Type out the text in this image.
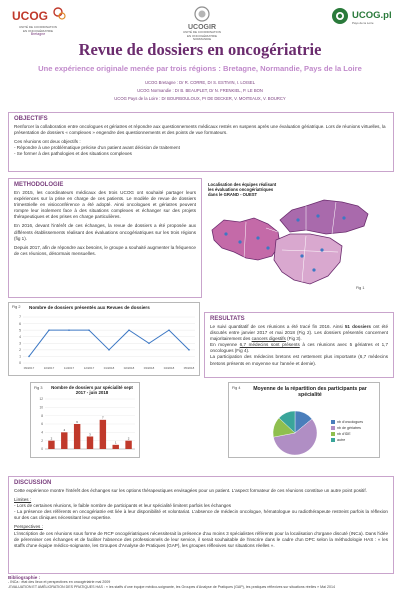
UCOG
UNITÉ DE COORDINATION
EN ONCOGÉRIATRIE
Bretagne
UCOGIR
UNITÉ DE COORDINATION
EN ONCOGÉRIATRIE
NORMANDIE
UCOG.pl
Pays de la Loire
Revue de dossiers en oncogériatrie
Une expérience originale menée par trois régions : Bretagne, Normandie, Pays de la Loire
UCOG Bretagne : Dr R. CORRE, Dr S. ESTIVIN, I. LOISEL
UCOG Normandie : Dr B. BEAUPLET, Dr N. FRENKIEL, P. LE BON
UCOG Pays de la Loire : Dr BOURBOULOUX, Pr DE DECKER, V. MOITEAUX, V. BOURCY
OBJECTIFS

Renforcer la collaboration entre oncologues et gériatres et répondre aux questionnements médicaux restés en suspens après une évaluation gériatrique. Lors de réunions virtuelles, la présentation de dossiers « complexes » engendre des questionnements et des points de vue formateurs.

Ces réunions ont deux objectifs :
- Répondre à une problématique précise d'un patient avant décision de traitement
- Se former à des pathologies et des situations complexes
METHODOLOGIE

En 2015, les coordinateurs médicaux des trois UCOG ont souhaité partager leurs expériences sur la prise en charge de ces patients. Le modèle de revue de dossiers trimestrielle en visioconférence a été adopté. Ainsi oncologues et gériatres peuvent rompre leur isolement face à des situations complexes et échanger sur des projets thérapeutiques et des prises en charge particulières.

En 2016, devant l'intérêt de ces échanges, la revue de dossiers a été proposée aux différents établissements réalisant des évaluations oncogériatriques sur les trois régions (fig 1).

Depuis 2017, afin de répondre aux besoins, le groupe a souhaité augmenter la fréquence de ces réunions, désormais mensuelles.

Localisation des équipes réalisant
les évaluations oncogériatriques
dans le GRAND - OUEST
Fig 1
Fig 2 Nombre de dossiers présentés aux Revues de dossiers
0
1
2
3
4
5
6
7
09/2017	10/2017	11/2017	12/2017	01/2018	02/2018	03/2018	04/2018	05/2018
RESULTATS
Le suivi quantitatif de ces réunions a été tracé fin 2016. Ainsi 51 dossiers ont été discutés entre janvier 2017 et mai 2018 (Fig 2). Les dossiers présentés concernent majoritairement des cancers digestifs (Fig 3).
En moyenne 6,7 médecins sont présents à ces réunions avec 5 gériatres et 1,7 oncologues (Fig 4).
La participation des médecins bretons est nettement plus importante (6,7 médecins bretons présents en moyenne sur l'année et demie).
Fig 3	Nombre de dossiers par spécialité sept 2017 - juin 2018
0
2
4
6
8
10
12
2
4
6
3
7
1
2
Fig 4	Moyenne de la répartition des participants par spécialité
nb d'oncologues
nb de gériatres
nb d'IDE
autre
DISCUSSION

Cette expérience montre l'intérêt des échanges sur les options thérapeutiques envisagées pour un patient. L'aspect formateur de ces réunions constitue un autre point positif.

Limites :
- Lors de certaines réunions, le faible nombre de participants et leur spécialité limitent parfois les échanges

- La présence des référents en oncogériatrie est liée à leur disponibilité et volontariat. L'absence de médecin oncologue, hématologue ou radiothérapeute restreint parfois la réflexion sur des cas cliniques nécessitant leur expertise.

Perspectives :
L'inscription de ces réunions sous forme de RCP oncogériatriques nécessiterait la présence d'au moins 3 spécialistes référents pour la localisation d'organe discuté (INCa). Dans l'idée de pérenniser ces échanges et de faciliter l'absence des professionnels de leur service, il serait souhaitable de l'inscrire dans le cadre d'un DPC selon la méthodologie HAS : « les staffs d'une équipe médico-soignante, les Groupes d'Analyse de Pratiques (GAP), les groupes réflexives sur situations réelles ».
Bibliographie :
- INCa : état des lieux et perspectives en oncogériatrie mai 2009
-EVALUATION ET AMÉLIORATION DES PRATIQUES HAS : « les staffs d'une équipe médico-soignante, les Groupes d'Analyse de Pratiques (GAP), les pratiques réflexives sur situations réelles » Mai 2014
